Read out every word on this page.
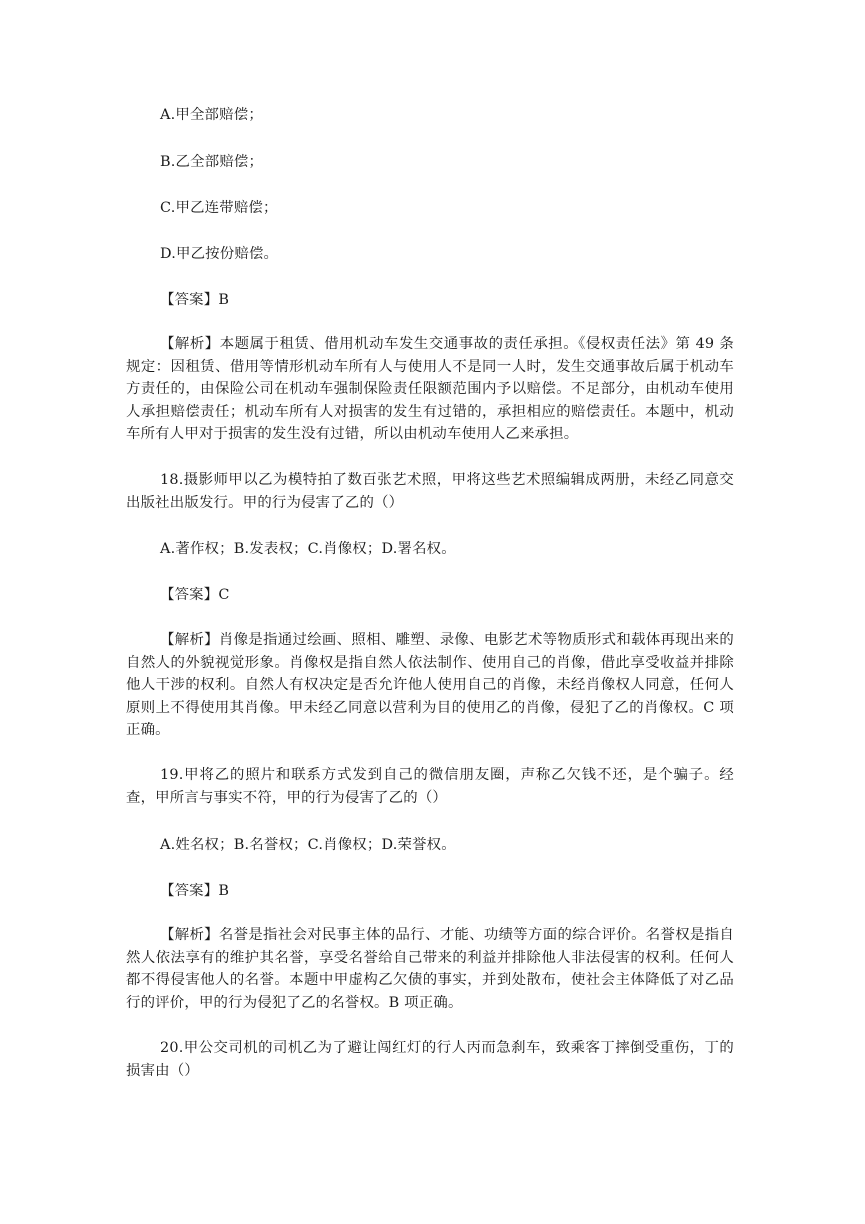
A.甲全部赔偿；
B.乙全部赔偿；
C.甲乙连带赔偿；
D.甲乙按份赔偿。
【答案】B
【解析】本题属于租赁、借用机动车发生交通事故的责任承担。《侵权责任法》第 49 条规定：因租赁、借用等情形机动车所有人与使用人不是同一人时，发生交通事故后属于机动车方责任的，由保险公司在机动车强制保险责任限额范围内予以赔偿。不足部分，由机动车使用人承担赔偿责任；机动车所有人对损害的发生有过错的，承担相应的赔偿责任。本题中，机动车所有人甲对于损害的发生没有过错，所以由机动车使用人乙来承担。
18.摄影师甲以乙为模特拍了数百张艺术照，甲将这些艺术照编辑成两册，未经乙同意交出版社出版发行。甲的行为侵害了乙的（）
A.著作权；B.发表权；C.肖像权；D.署名权。
【答案】C
【解析】肖像是指通过绘画、照相、雕塑、录像、电影艺术等物质形式和载体再现出来的自然人的外貌视觉形象。肖像权是指自然人依法制作、使用自己的肖像，借此享受收益并排除他人干涉的权利。自然人有权决定是否允许他人使用自己的肖像，未经肖像权人同意，任何人原则上不得使用其肖像。甲未经乙同意以营利为目的使用乙的肖像，侵犯了乙的肖像权。C 项正确。
19.甲将乙的照片和联系方式发到自己的微信朋友圈，声称乙欠钱不还，是个骗子。经查，甲所言与事实不符，甲的行为侵害了乙的（）
A.姓名权；B.名誉权；C.肖像权；D.荣誉权。
【答案】B
【解析】名誉是指社会对民事主体的品行、才能、功绩等方面的综合评价。名誉权是指自然人依法享有的维护其名誉，享受名誉给自己带来的利益并排除他人非法侵害的权利。任何人都不得侵害他人的名誉。本题中甲虚构乙欠债的事实，并到处散布，使社会主体降低了对乙品行的评价，甲的行为侵犯了乙的名誉权。B 项正确。
20.甲公交司机的司机乙为了避让闯红灯的行人丙而急刹车，致乘客丁摔倒受重伤，丁的损害由（）
